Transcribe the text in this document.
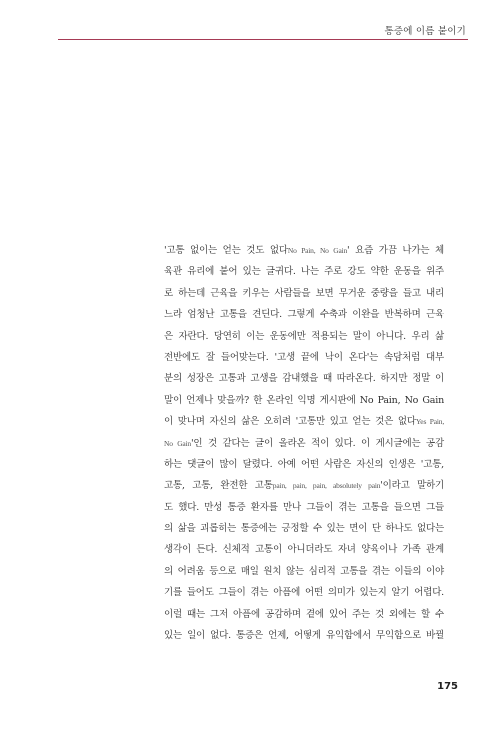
통증에 이름 붙이기
'고통 없이는 얻는 것도 없다No Pain, No Gain' 요즘 가끔 나가는 체
육관 유리에 붙어 있는 글귀다. 나는 주로 강도 약한 운동을 위주
로 하는데 근육을 키우는 사람들을 보면 무거운 중량을 들고 내리
느라 엄청난 고통을 견딘다. 그렇게 수축과 이완을 반복하며 근육
은 자란다. 당연히 이는 운동에만 적용되는 말이 아니다. 우리 삶
전반에도 잘 들어맞는다. '고생 끝에 낙이 온다'는 속담처럼 대부
분의 성장은 고통과 고생을 감내했을 때 따라온다. 하지만 정말 이
말이 언제나 맞을까? 한 온라인 익명 게시판에 No Pain, No Gain
이 맞나며 자신의 삶은 오히려 '고통만 있고 얻는 것은 없다Yes Pain,
No Gain'인 것 같다는 글이 올라온 적이 있다. 이 게시글에는 공감
하는 댓글이 많이 달렸다. 아예 어떤 사람은 자신의 인생은 '고통,
고통, 고통, 완전한 고통pain, pain, pain, absolutely pain'이라고 말하기
도 했다. 만성 통증 환자를 만나 그들이 겪는 고통을 들으면 그들
의 삶을 괴롭히는 통증에는 긍정할 수 있는 면이 단 하나도 없다는
생각이 든다. 신체적 고통이 아니더라도 자녀 양육이나 가족 관계
의 어려움 등으로 매일 원치 않는 심리적 고통을 겪는 이들의 이야
기를 들어도 그들이 겪는 아픔에 어떤 의미가 있는지 알기 어렵다.
이럴 때는 그저 아픔에 공감하며 곁에 있어 주는 것 외에는 할 수
있는 일이 없다. 통증은 언제, 어떻게 유익함에서 무익함으로 바뀔
175
